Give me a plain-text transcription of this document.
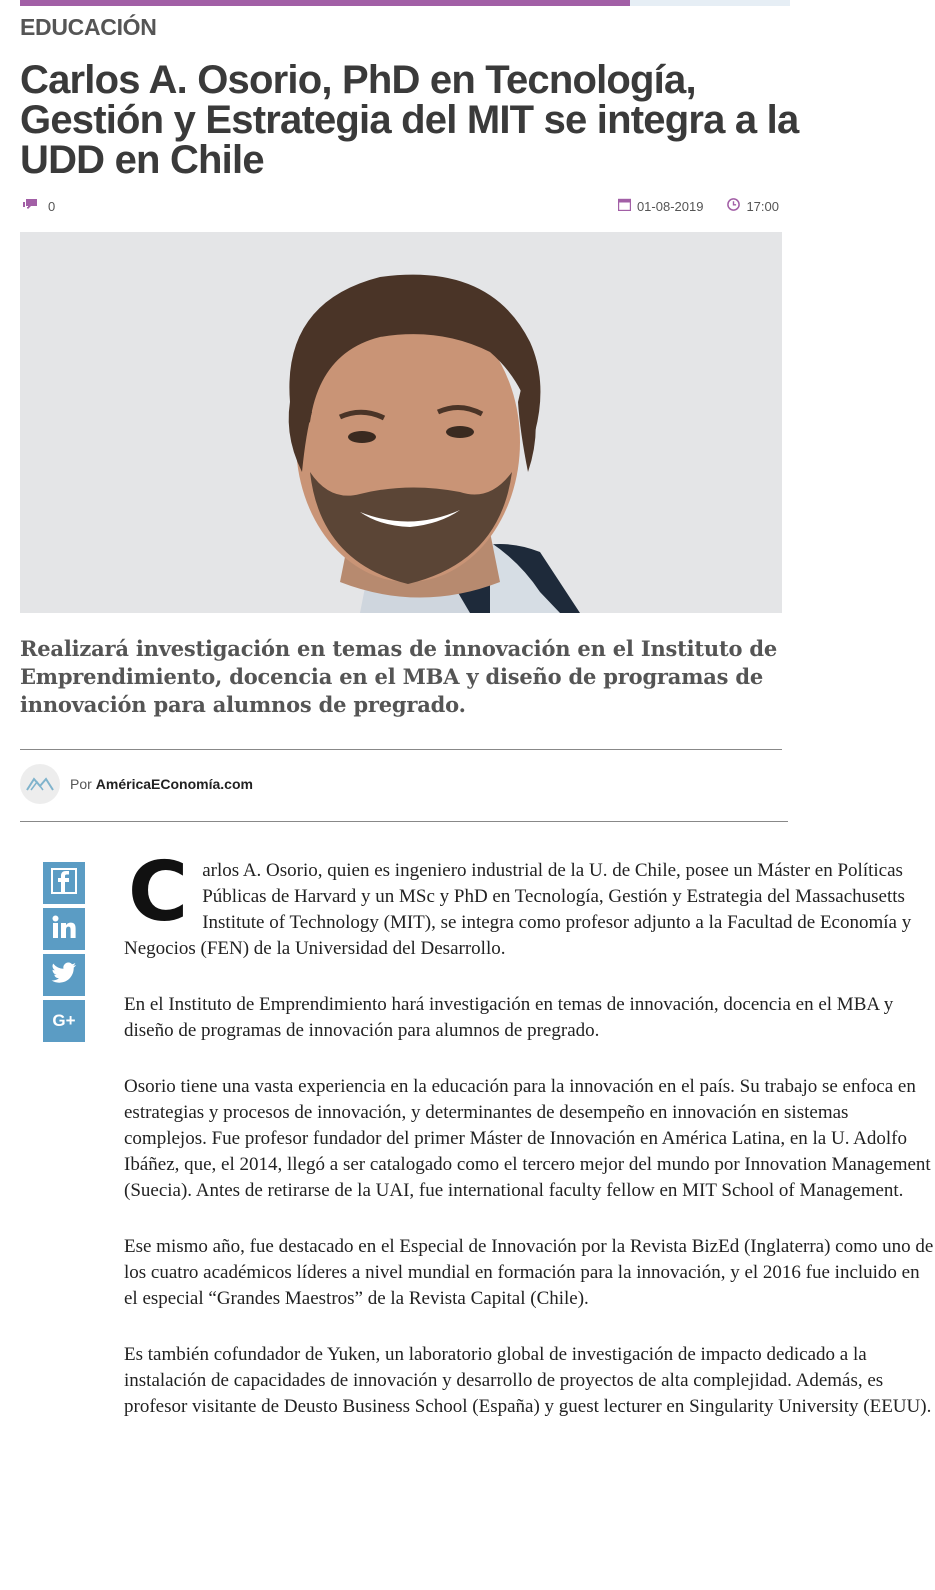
EDUCACIÓN
Carlos A. Osorio, PhD en Tecnología, Gestión y Estrategia del MIT se integra a la UDD en Chile
0	01-08-2019	17:00

Realizará investigación en temas de innovación en el Instituto de Emprendimiento, docencia en el MBA y diseño de programas de innovación para alumnos de pregrado.

Por AméricaEConomía.com
G+

Carlos A. Osorio, quien es ingeniero industrial de la U. de Chile, posee un Máster en Políticas Públicas de Harvard y un MSc y PhD en Tecnología, Gestión y Estrategia del Massachusetts Institute of Technology (MIT), se integra como profesor adjunto a la Facultad de Economía y Negocios (FEN) de la Universidad del Desarrollo.

En el Instituto de Emprendimiento hará investigación en temas de innovación, docencia en el MBA y diseño de programas de innovación para alumnos de pregrado.

Osorio tiene una vasta experiencia en la educación para la innovación en el país. Su trabajo se enfoca en estrategias y procesos de innovación, y determinantes de desempeño en innovación en sistemas complejos. Fue profesor fundador del primer Máster de Innovación en América Latina, en la U. Adolfo Ibáñez, que, el 2014, llegó a ser catalogado como el tercero mejor del mundo por Innovation Management (Suecia). Antes de retirarse de la UAI, fue international faculty fellow en MIT School of Management.

Ese mismo año, fue destacado en el Especial de Innovación por la Revista BizEd (Inglaterra) como uno de los cuatro académicos líderes a nivel mundial en formación para la innovación, y el 2016 fue incluido en el especial “Grandes Maestros” de la Revista Capital (Chile).

Es también cofundador de Yuken, un laboratorio global de investigación de impacto dedicado a la instalación de capacidades de innovación y desarrollo de proyectos de alta complejidad. Además, es profesor visitante de Deusto Business School (España) y guest lecturer en Singularity University (EEUU).
